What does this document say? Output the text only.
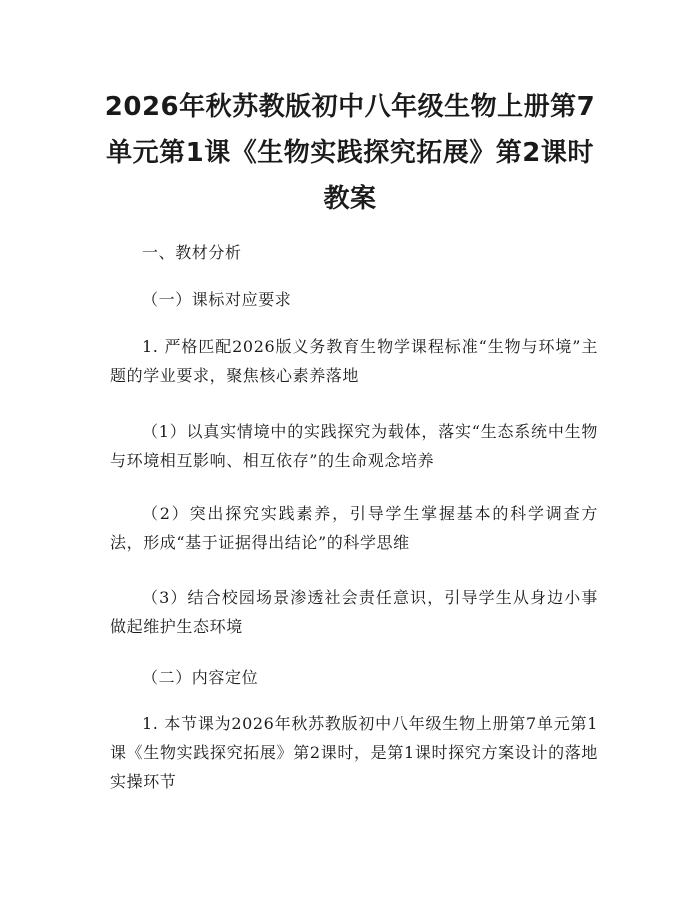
2026年秋苏教版初中八年级生物上册第7单元第1课《生物实践探究拓展》第2课时教案

一、教材分析

（一）课标对应要求

1. 严格匹配2026版义务教育生物学课程标准“生物与环境”主题的学业要求，聚焦核心素养落地

（1）以真实情境中的实践探究为载体，落实“生态系统中生物与环境相互影响、相互依存”的生命观念培养

（2）突出探究实践素养，引导学生掌握基本的科学调查方法，形成“基于证据得出结论”的科学思维

（3）结合校园场景渗透社会责任意识，引导学生从身边小事做起维护生态环境

（二）内容定位

1. 本节课为2026年秋苏教版初中八年级生物上册第7单元第1课《生物实践探究拓展》第2课时，是第1课时探究方案设计的落地实操环节
